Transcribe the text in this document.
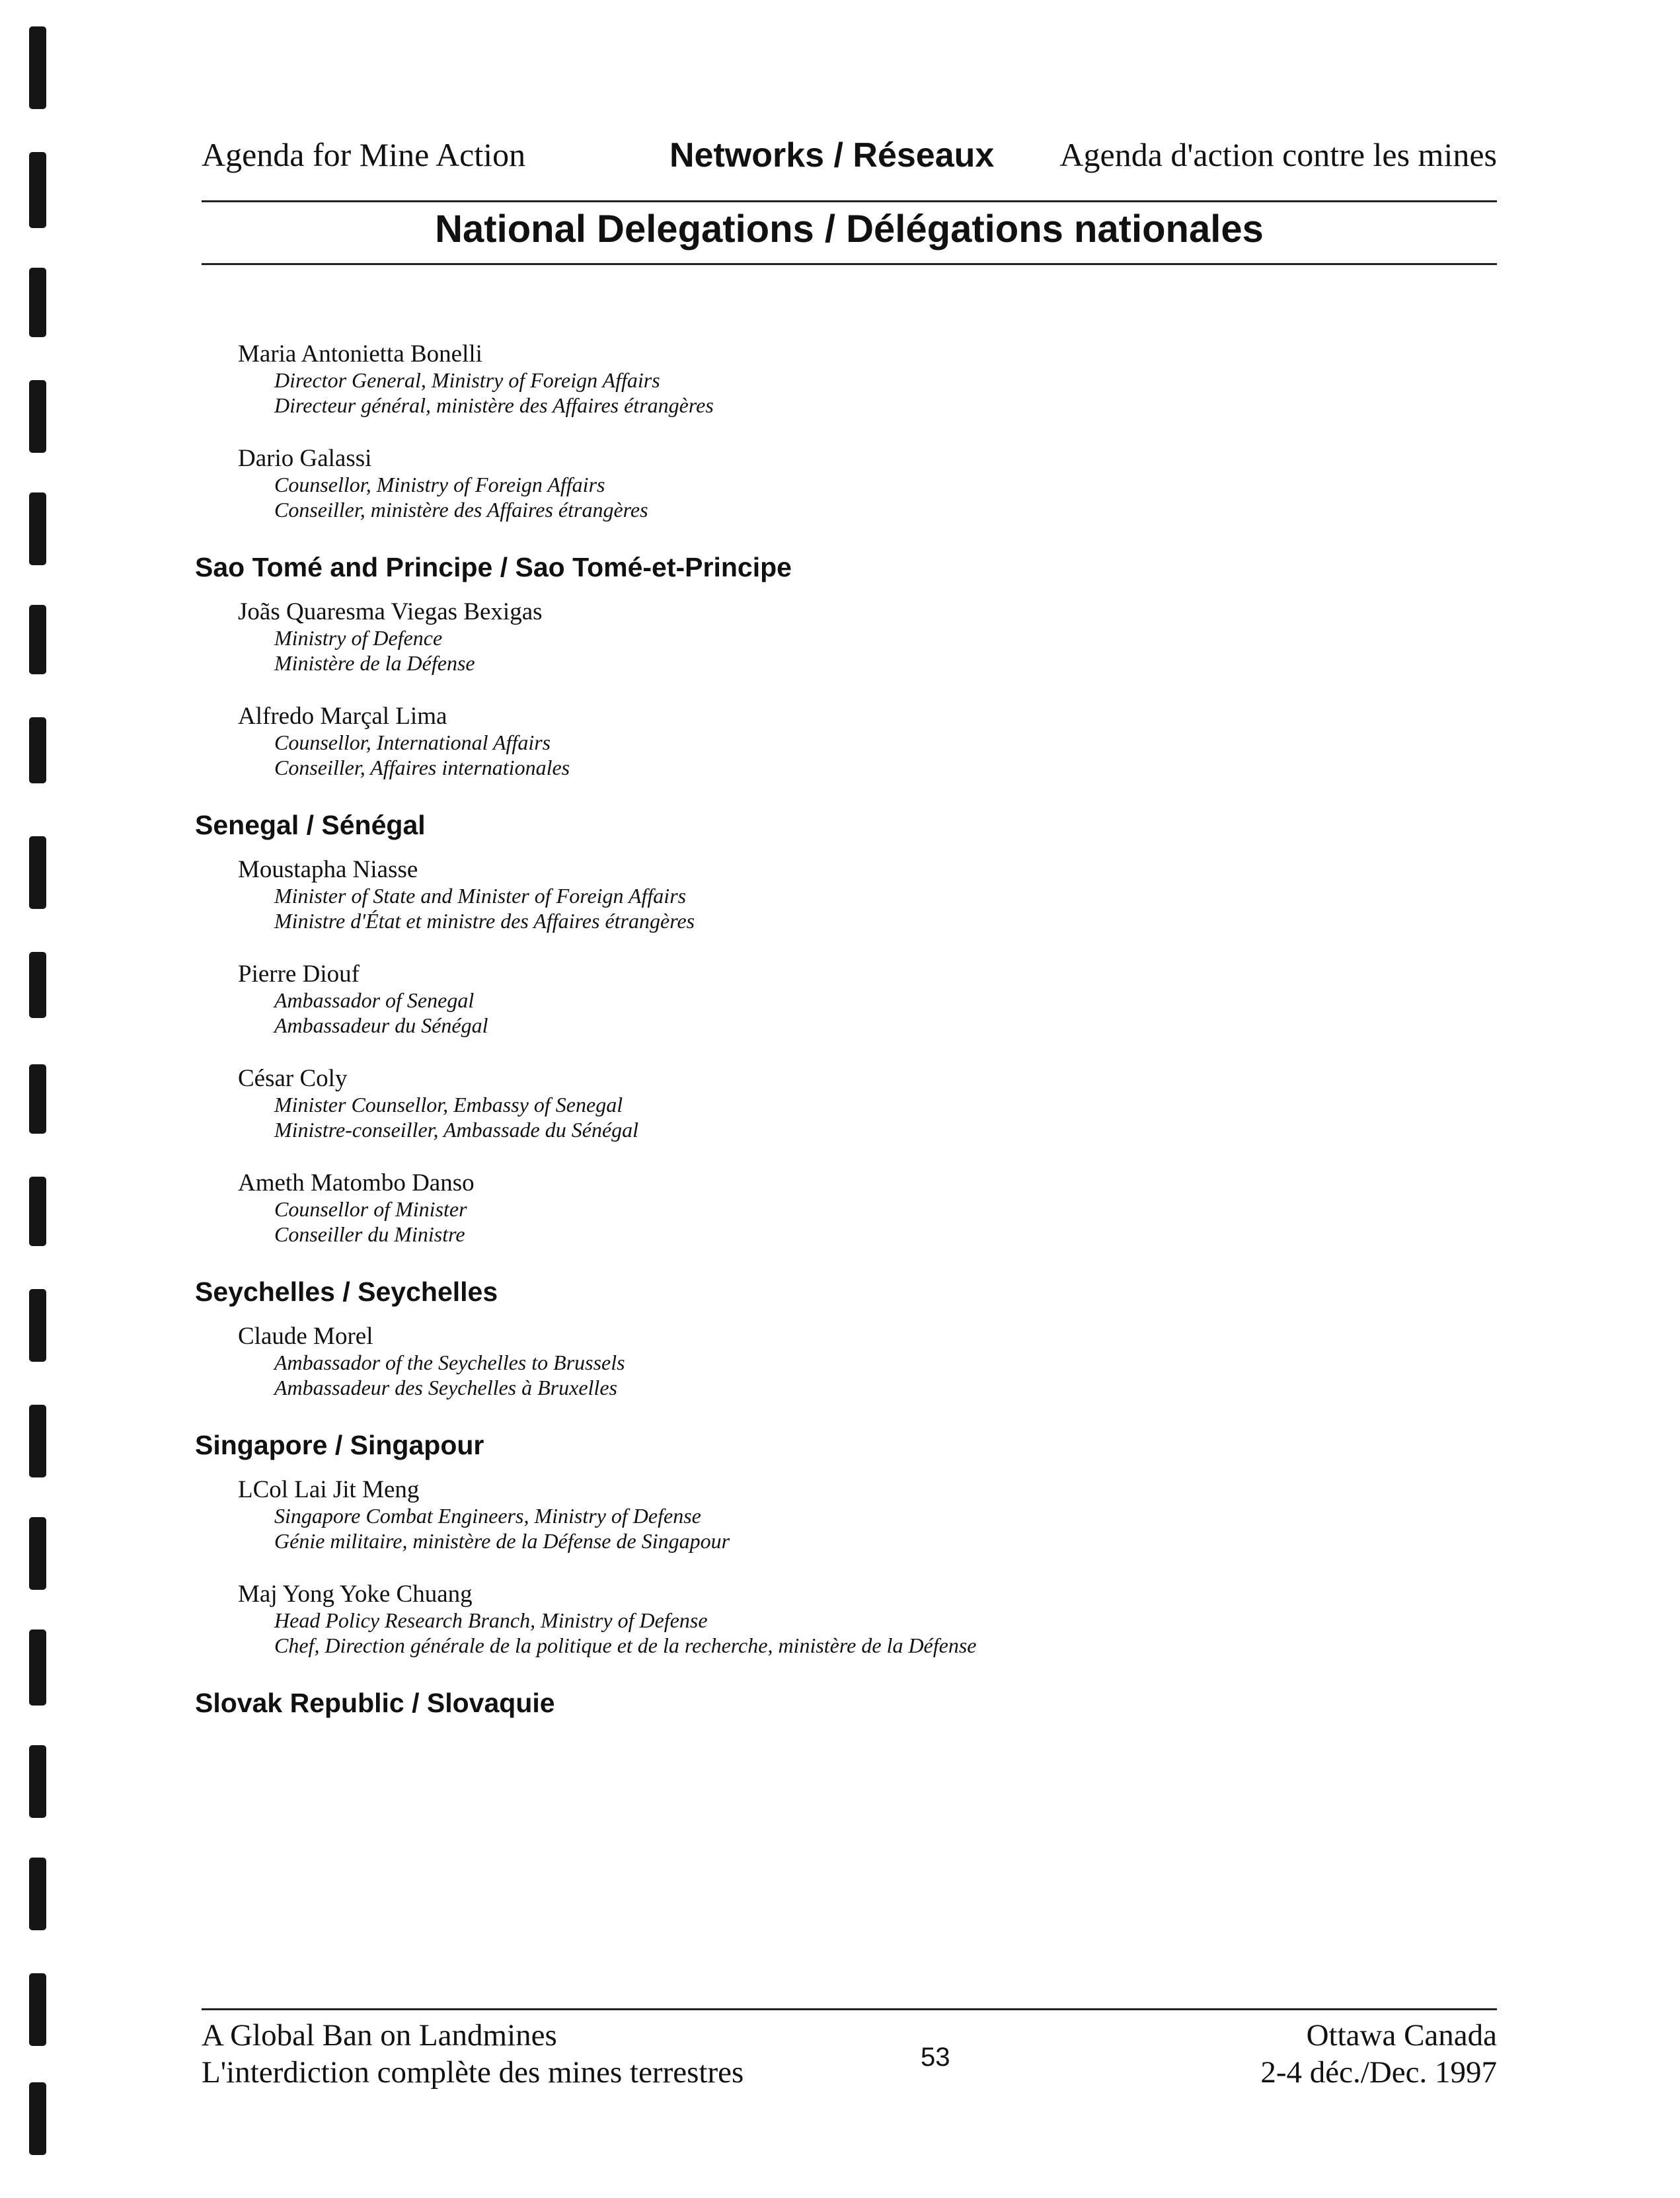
Agenda for Mine Action	Networks / Réseaux Agenda d'action contre les mines
National Delegations / Délégations nationales
Maria Antonietta Bonelli
Director General, Ministry of Foreign Affairs
Directeur général, ministère des Affaires étrangères
Dario Galassi
Counsellor, Ministry of Foreign Affairs
Conseiller, ministère des Affaires étrangères
Sao Tomé and Principe / Sao Tomé-et-Principe
Joãs Quaresma Viegas Bexigas
Ministry of Defence
Ministère de la Défense
Alfredo Marçal Lima
Counsellor, International Affairs
Conseiller, Affaires internationales
Senegal / Sénégal
Moustapha Niasse
Minister of State and Minister of Foreign Affairs
Ministre d'État et ministre des Affaires étrangères
Pierre Diouf
Ambassador of Senegal
Ambassadeur du Sénégal
César Coly
Minister Counsellor, Embassy of Senegal
Ministre-conseiller, Ambassade du Sénégal
Ameth Matombo Danso
Counsellor of Minister
Conseiller du Ministre
Seychelles / Seychelles
Claude Morel
Ambassador of the Seychelles to Brussels
Ambassadeur des Seychelles à Bruxelles
Singapore / Singapour
LCol Lai Jit Meng
Singapore Combat Engineers, Ministry of Defense
Génie militaire, ministère de la Défense de Singapour
Maj Yong Yoke Chuang
Head Policy Research Branch, Ministry of Defense
Chef, Direction générale de la politique et de la recherche, ministère de la Défense
Slovak Republic / Slovaquie
A Global Ban on Landmines
L'interdiction complète des mines terrestres	53
Ottawa Canada
2-4 déc./Dec. 1997
